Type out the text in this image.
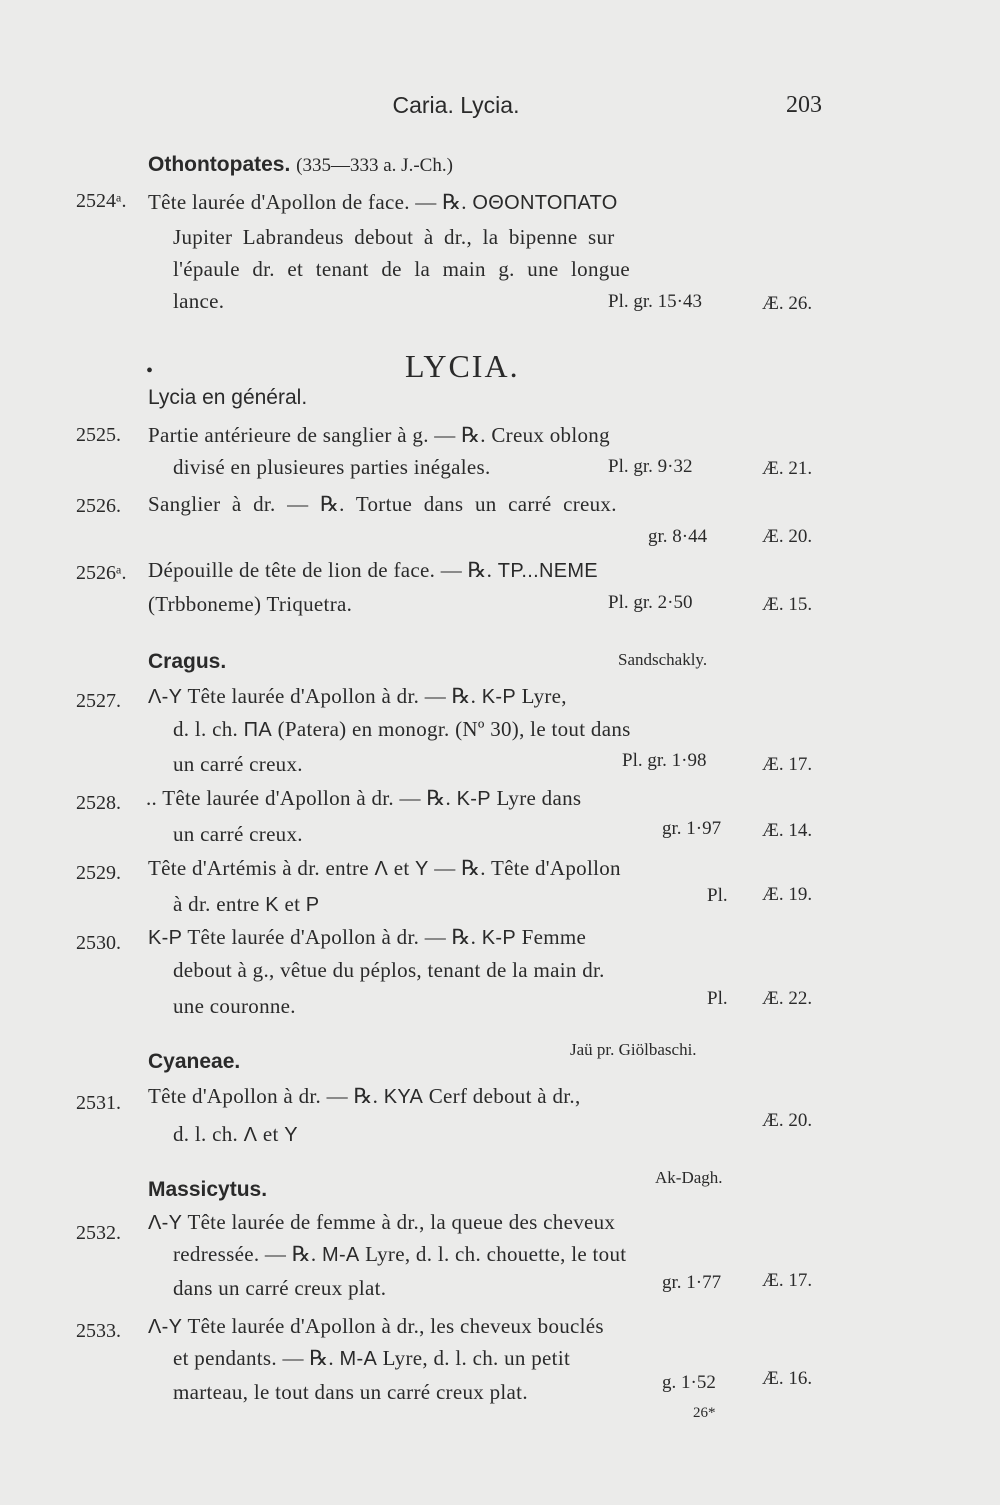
Caria. Lycia.	203
Othontopates. (335—333 a. J.-Ch.)
2524ᵃ. Tête laurée d'Apollon de face. — ℞. ΟΘΟΝΤΟΠΑΤΟ
Jupiter Labrandeus debout à dr., la bipenne sur
l'épaule dr. et tenant de la main g. une longue
lance.	Pl. gr. 15·43	Æ. 26.
•	LYCIA.
Lycia en général.
2525. Partie antérieure de sanglier à g. — ℞. Creux oblong
divisé en plusieures parties inégales.	Pl. gr. 9·32	Æ. 21.
2526. Sanglier à dr. — ℞. Tortue dans un carré creux.
gr. 8·44	Æ. 20.
2526ᵃ. Dépouille de tête de lion de face. — ℞. TP...NEME
(Trbboneme) Triquetra.	Pl. gr. 2·50	Æ. 15.
Cragus.	Sandschakly.
2527. Λ-Y Tête laurée d'Apollon à dr. — ℞. K-P Lyre,
d. l. ch. ΠA (Patera) en monogr. (Nº 30), le tout dans
un carré creux.	Pl. gr. 1·98	Æ. 17.
2528. .. Tête laurée d'Apollon à dr. — ℞. K-P Lyre dans
un carré creux.	gr. 1·97 Æ. 14.
2529. Tête d'Artémis à dr. entre Λ et Y — ℞. Tête d'Apollon
à dr. entre K et P	Pl. Æ. 19.
2530. K-P Tête laurée d'Apollon à dr. — ℞. K-P Femme
debout à g., vêtue du péplos, tenant de la main dr.
une couronne.	Pl. Æ. 22.
Cyaneae.
Jaü pr. Giölbaschi.
2531. Tête d'Apollon à dr. — ℞. KYA Cerf debout à dr.,
d. l. ch. Λ et Y
Æ. 20.
Massicytus.
Ak-Dagh.
2532. Λ-Y Tête laurée de femme à dr., la queue des cheveux
redressée. — ℞. M-A Lyre, d. l. ch. chouette, le tout
dans un carré creux plat.	gr. 1·77 Æ. 17.
2533. Λ-Y Tête laurée d'Apollon à dr., les cheveux bouclés
et pendants. — ℞. M-A Lyre, d. l. ch. un petit
marteau, le tout dans un carré creux plat.	g. 1·52 Æ. 16.
26*
